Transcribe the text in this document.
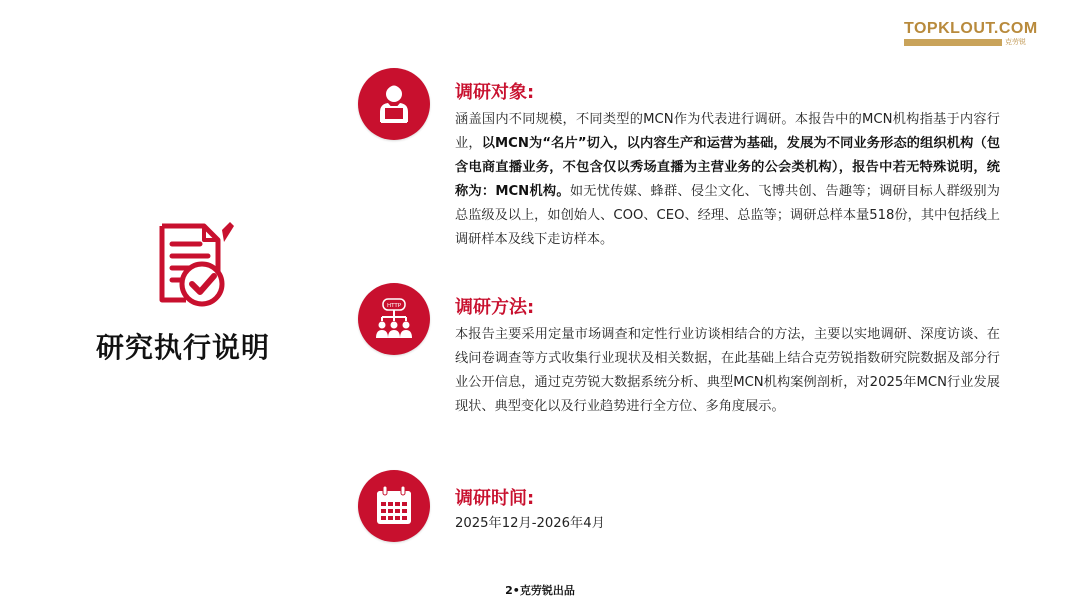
TOPKLOUT.COM
克劳锐
研究执行说明
调研对象:
涵盖国内不同规模，不同类型的MCN作为代表进行调研。本报告中的MCN机构指基于内容行业，以MCN为“名片”切入，以内容生产和运营为基础，发展为不同业务形态的组织机构（包含电商直播业务，不包含仅以秀场直播为主营业务的公会类机构），报告中若无特殊说明，统称为：MCN机构。如无忧传媒、蜂群、侵尘文化、飞博共创、告趣等；调研目标人群级别为总监级及以上，如创始人、COO、CEO、经理、总监等；调研总样本量518份，其中包括线上调研样本及线下走访样本。
HTTP	调研方法:
本报告主要采用定量市场调查和定性行业访谈相结合的方法，主要以实地调研、深度访谈、在线问卷调查等方式收集行业现状及相关数据，在此基础上结合克劳锐指数研究院数据及部分行业公开信息，通过克劳锐大数据系统分析、典型MCN机构案例剖析，对2025年MCN行业发展现状、典型变化以及行业趋势进行全方位、多角度展示。
调研时间:
2025年12月-2026年4月
2•克劳锐出品
